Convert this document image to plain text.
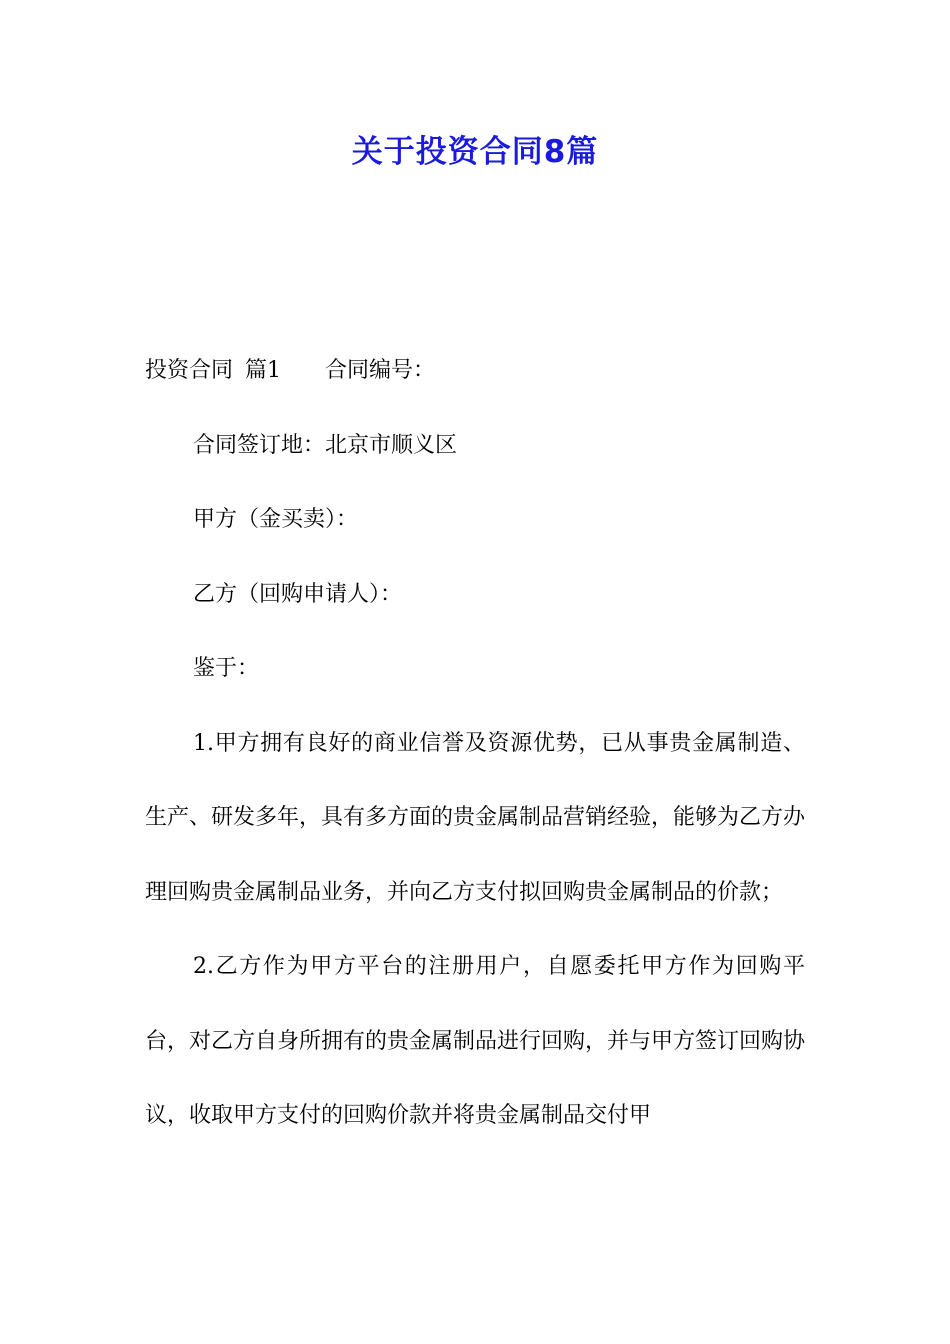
关于投资合同8篇

投资合同 篇1 合同编号：

合同签订地：北京市顺义区

甲方（金买卖）：

乙方（回购申请人）：

鉴于：

1.甲方拥有良好的商业信誉及资源优势，已从事贵金属制造、生产、研发多年，具有多方面的贵金属制品营销经验，能够为乙方办理回购贵金属制品业务，并向乙方支付拟回购贵金属制品的价款；

2.乙方作为甲方平台的注册用户，自愿委托甲方作为回购平台，对乙方自身所拥有的贵金属制品进行回购，并与甲方签订回购协议，收取甲方支付的回购价款并将贵金属制品交付甲
